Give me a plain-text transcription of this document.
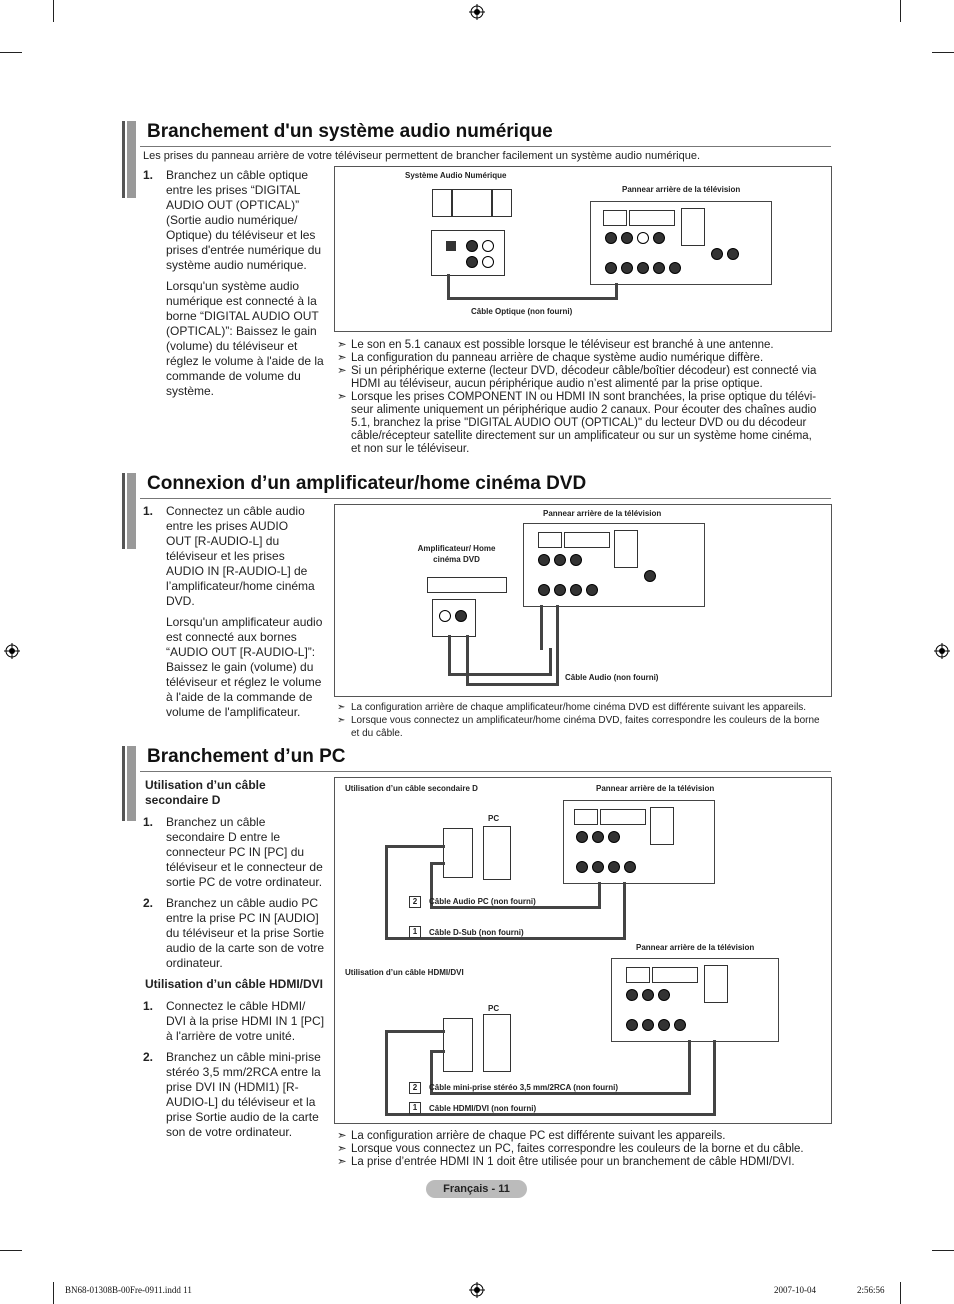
Branchement d'un système audio numérique
Les prises du panneau arrière de votre téléviseur permettent de brancher facilement un système audio numérique.
1. Branchez un câble optique entre les prises “DIGITAL AUDIO OUT (OPTICAL)” (Sortie audio numérique/ Optique) du téléviseur et les prises d'entrée numérique du système audio numérique.
Lorsqu'un système audio numérique est connecté à la borne “DIGITAL AUDIO OUT (OPTICAL)”: Baissez le gain (volume) du téléviseur et réglez le volume à l'aide de la commande de volume du système.
Système Audio Numérique
Pannear arrière de la télévision
Câble Optique (non fourni)
➣ Le son en 5.1 canaux est possible lorsque le téléviseur est branché à une antenne.
➣ La configuration du panneau arrière de chaque système audio numérique diffère.
➣ Si un périphérique externe (lecteur DVD, décodeur câble/boîtier décodeur) est connecté via HDMI au téléviseur, aucun périphérique audio n’est alimenté par la prise optique.
➣ Lorsque les prises COMPONENT IN ou HDMI IN sont branchées, la prise optique du télévi-seur alimente uniquement un périphérique audio 2 canaux. Pour écouter des chaînes audio 5.1, branchez la prise "DIGITAL AUDIO OUT (OPTICAL)" du lecteur DVD ou du décodeur câble/récepteur satellite directement sur un amplificateur ou sur un système home cinéma, et non sur le téléviseur.
Connexion d’un amplificateur/home cinéma DVD
1. Connectez un câble audio entre les prises AUDIO OUT [R-AUDIO-L] du téléviseur et les prises AUDIO IN [R-AUDIO-L] de l’amplificateur/home cinéma DVD.
Lorsqu'un amplificateur audio est connecté aux bornes “AUDIO OUT [R-AUDIO-L]”: Baissez le gain (volume) du téléviseur et réglez le volume à l'aide de la commande de volume de l'amplificateur.
Pannear arrière de la télévision
Amplificateur/ Home cinéma DVD
Câble Audio (non fourni)
➣ La configuration arrière de chaque amplificateur/home cinéma DVD est différente suivant les appareils.
➣ Lorsque vous connectez un amplificateur/home cinéma DVD, faites correspondre les couleurs de la borne et du câble.
Branchement d’un PC
Utilisation d’un câble secondaire D
1. Branchez un câble secondaire D entre le connecteur PC IN [PC] du téléviseur et le connecteur de sortie PC de votre ordinateur.
2. Branchez un câble audio PC entre la prise PC IN [AUDIO] du téléviseur et la prise Sortie audio de la carte son de votre ordinateur.
Utilisation d’un câble HDMI/DVI
1. Connectez le câble HDMI/ DVI à la prise HDMI IN 1 [PC] à l'arrière de votre unité.
2. Branchez un câble mini-prise stéréo 3,5 mm/2RCA entre la prise DVI IN (HDMI1) [R-AUDIO-L] du téléviseur et la prise Sortie audio de la carte son de votre ordinateur.
Utilisation d’un câble secondaire D	Pannear arrière de la télévision
PC
2	Câble Audio PC (non fourni)
1	Câble D-Sub (non fourni)
Pannear arrière de la télévision
Utilisation d’un câble HDMI/DVI
PC
2	Câble mini-prise stéréo 3,5 mm/2RCA (non fourni)
1	Câble HDMI/DVI (non fourni)
➣ La configuration arrière de chaque PC est différente suivant les appareils.
➣ Lorsque vous connectez un PC, faites correspondre les couleurs de la borne et du câble.
➣ La prise d’entrée HDMI IN 1 doit être utilisée pour un branchement de câble HDMI/DVI.
Français - 11
BN68-01308B-00Fre-0911.indd 11	2007-10-04	2:56:56
